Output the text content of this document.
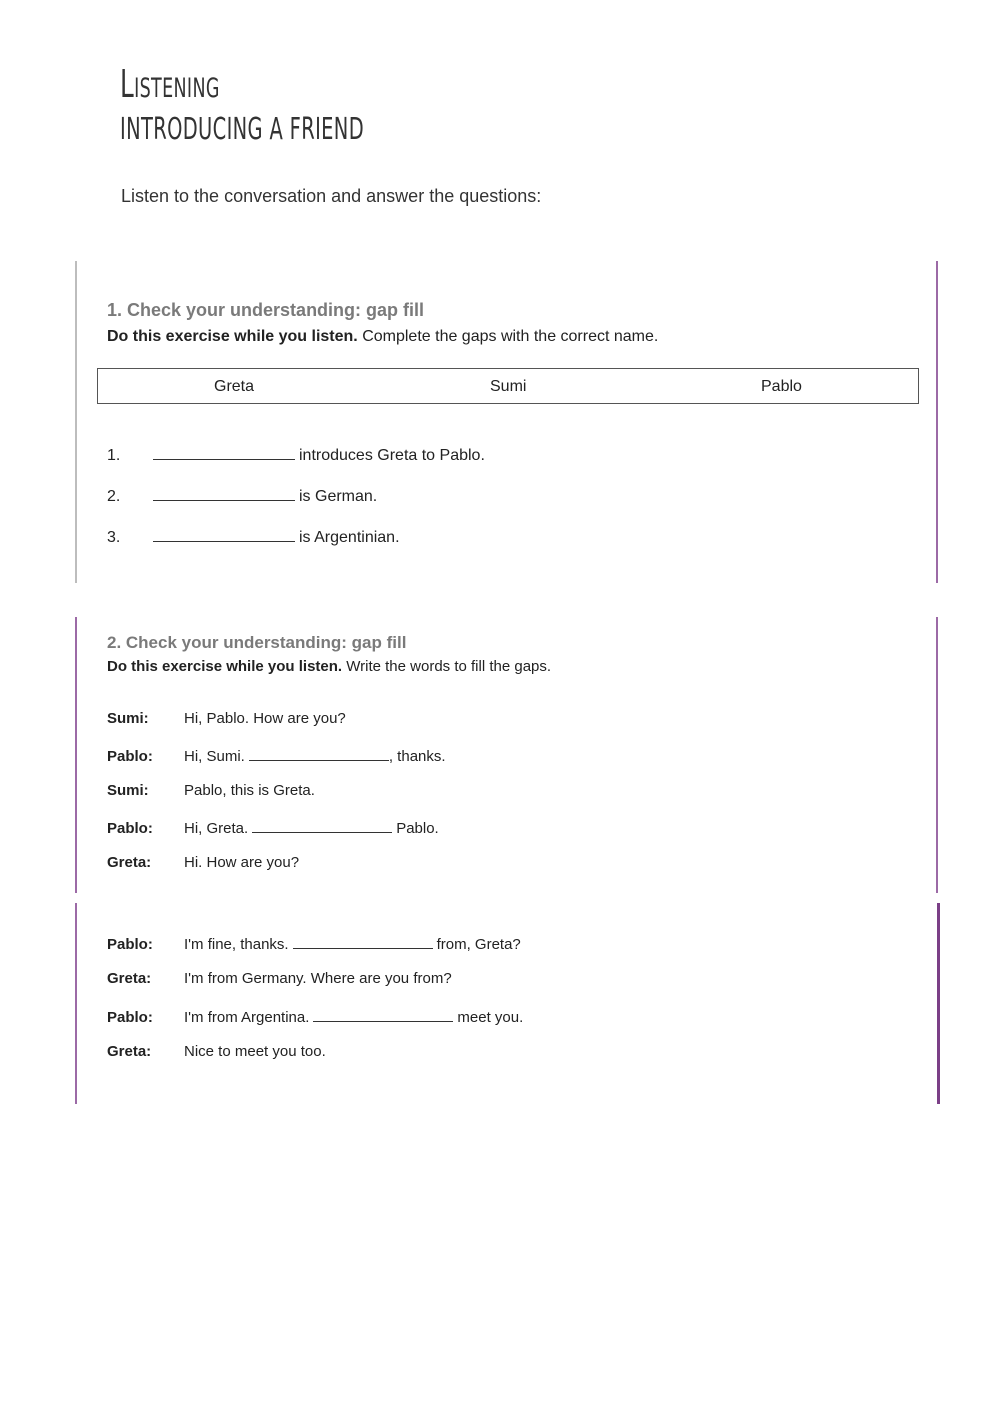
Listening
INTRODUCING A FRIEND
Listen to the conversation and answer the questions:
1. Check your understanding: gap fill
Do this exercise while you listen. Complete the gaps with the correct name.
Greta	Sumi	Pablo
1.	introduces Greta to Pablo.
2.	is German.
3.	is Argentinian.
2. Check your understanding: gap fill
Do this exercise while you listen. Write the words to fill the gaps.
Sumi: Hi, Pablo. How are you?
Pablo: Hi, Sumi.	, thanks.
Sumi: Pablo, this is Greta.
Pablo: Hi, Greta.	Pablo.
Greta: Hi. How are you?
Pablo: I'm fine, thanks.	from, Greta?
Greta: I'm from Germany. Where are you from?
Pablo: I'm from Argentina.	meet you.
Greta: Nice to meet you too.
